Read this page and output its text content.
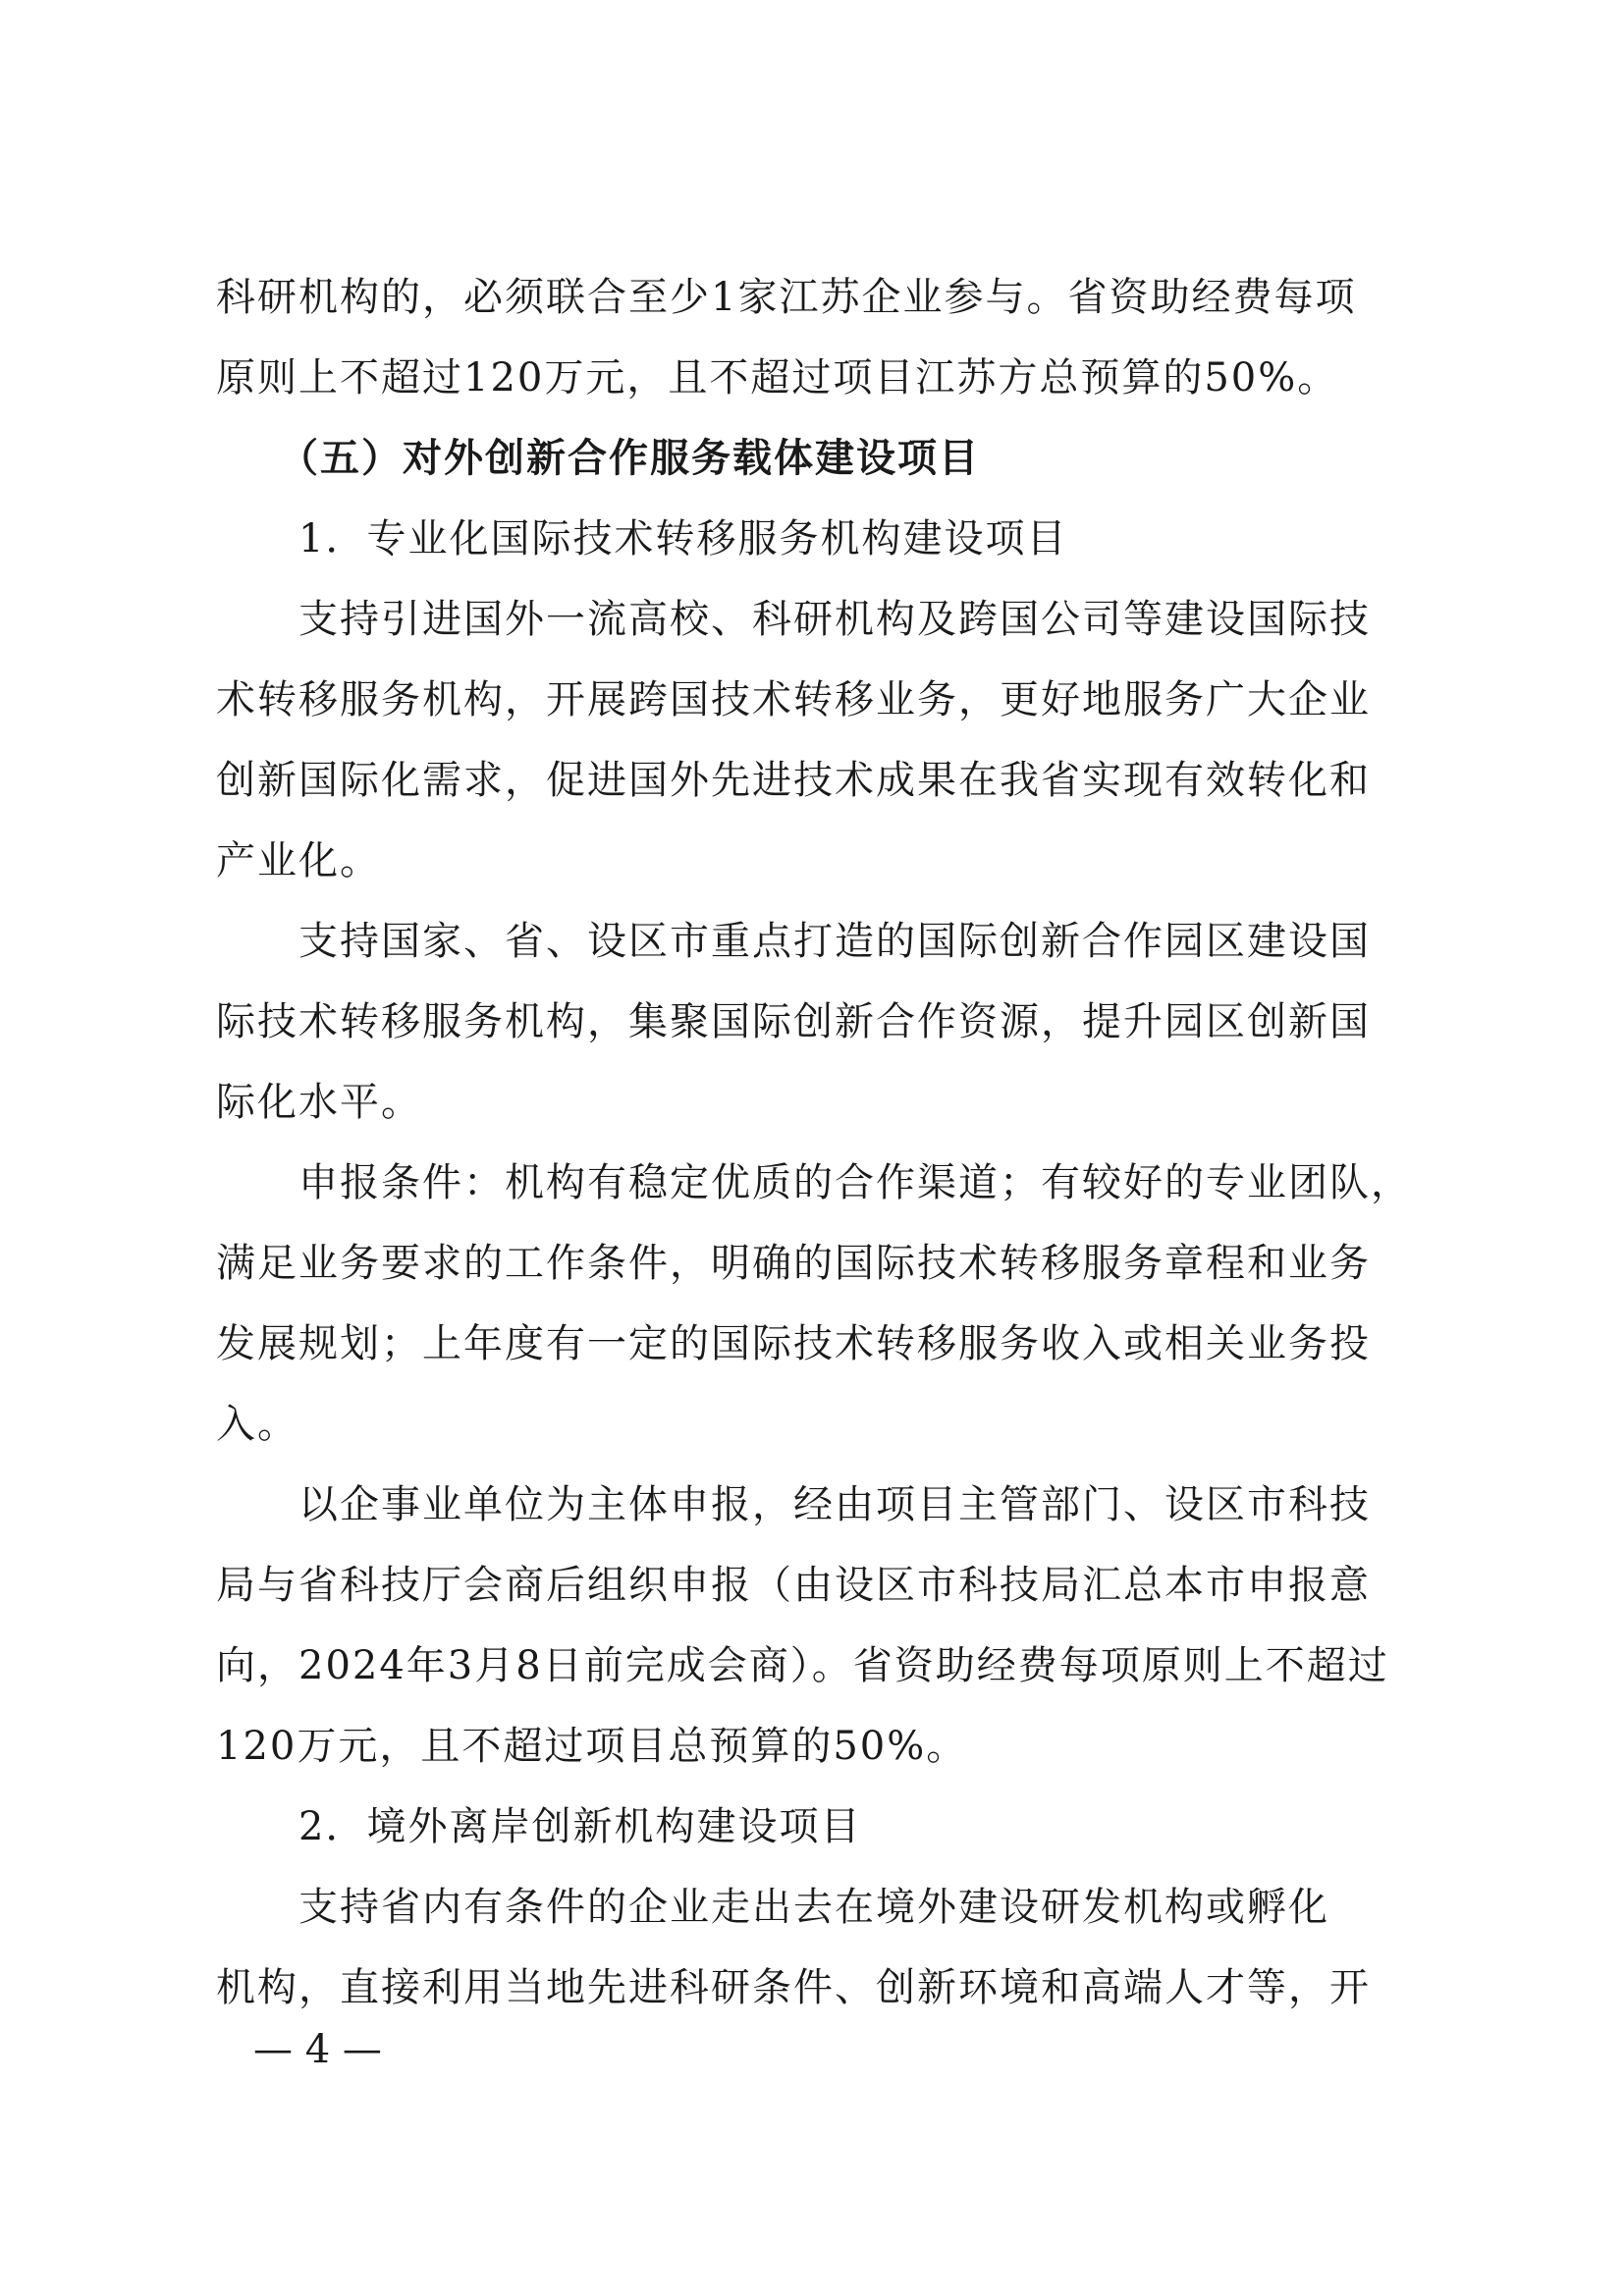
科研机构的，必须联合至少1家江苏企业参与。省资助经费每项
原则上不超过120万元，且不超过项目江苏方总预算的50%。
　　（五）对外创新合作服务载体建设项目
　　1．专业化国际技术转移服务机构建设项目
　　支持引进国外一流高校、科研机构及跨国公司等建设国际技
术转移服务机构，开展跨国技术转移业务，更好地服务广大企业
创新国际化需求，促进国外先进技术成果在我省实现有效转化和
产业化。
　　支持国家、省、设区市重点打造的国际创新合作园区建设国
际技术转移服务机构，集聚国际创新合作资源，提升园区创新国
际化水平。
　　申报条件：机构有稳定优质的合作渠道；有较好的专业团队，
满足业务要求的工作条件，明确的国际技术转移服务章程和业务
发展规划；上年度有一定的国际技术转移服务收入或相关业务投
入。
　　以企事业单位为主体申报，经由项目主管部门、设区市科技
局与省科技厅会商后组织申报（由设区市科技局汇总本市申报意
向，2024年3月8日前完成会商）。省资助经费每项原则上不超过
120万元，且不超过项目总预算的50%。
　　2．境外离岸创新机构建设项目
　　支持省内有条件的企业走出去在境外建设研发机构或孵化
机构，直接利用当地先进科研条件、创新环境和高端人才等，开
— 4 —
